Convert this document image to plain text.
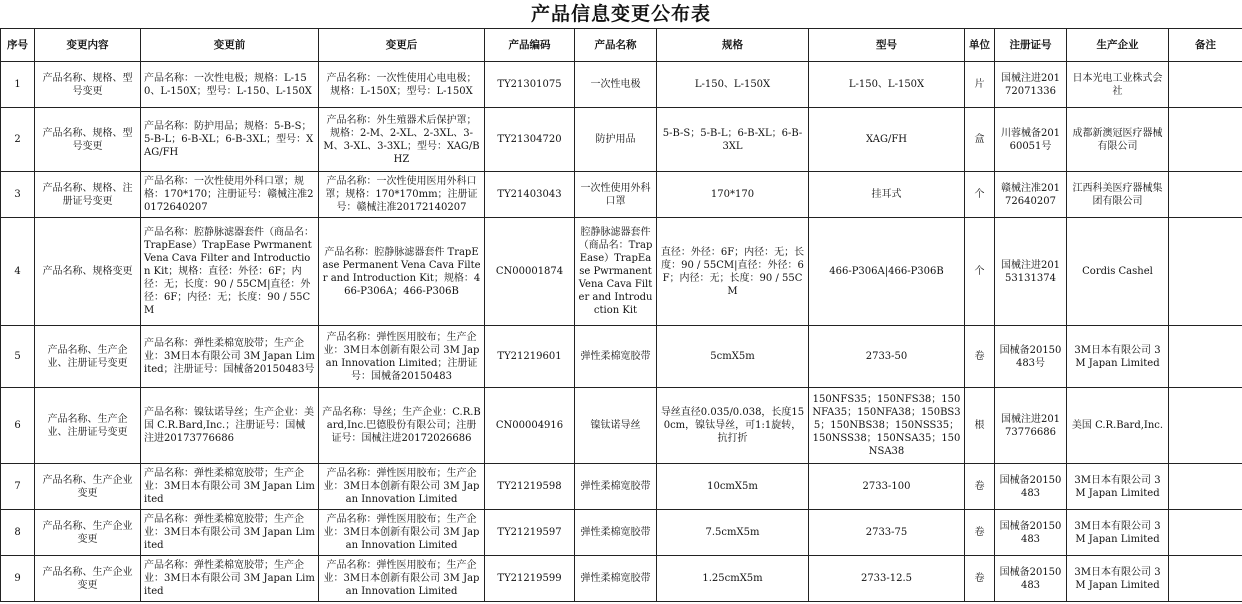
产品信息变更公布表
序号	变更内容	变更前	变更后	产品编码	产品名称	规格	型号	单位	注册证号	生产企业	备注
1	产品名称、规格、型号变更	产品名称：一次性电极；规格：L-150、L-150X；型号：L-150、L-150X	产品名称：一次性使用心电电极；规格：L-150X；型号：L-150X	TY21301075	一次性电极	L-150、L-150X	L-150、L-150X	片	国械注进20172071336	日本光电工业株式会社	
2	产品名称、规格、型号变更	产品名称：防护用品；规格：5-B-S；5-B-L；6-B-XL；6-B-3XL；型号：XAG/FH	产品名称：外生殖器术后保护罩；规格：2-M、2-XL、2-3XL、3-M、3-XL、3-3XL；型号：XAG/BHZ	TY21304720	防护用品	5-B-S；5-B-L；6-B-XL；6-B-3XL	XAG/FH	盒	川蓉械备20160051号	成都新澳冠医疗器械有限公司	
3	产品名称、规格、注册证号变更	产品名称：一次性使用外科口罩；规格：170*170；注册证号：赣械注准20172640207	产品名称：一次性使用医用外科口罩；规格：170*170mm；注册证号：赣械注准20172140207	TY21403043	一次性使用外科口罩	170*170	挂耳式	个	赣械注准20172640207	江西科美医疗器械集团有限公司	
4	产品名称、规格变更	产品名称：腔静脉滤器套件（商品名：TrapEase）TrapEase Pwrmanent Vena Cava Filter and Introduction Kit；规格：直径：外径：6F；内径：无；长度：90 / 55CM|直径：外径：6F；内径：无；长度：90 / 55CM	产品名称：腔静脉滤器套件 TrapEase Permanent Vena Cava Filter and Introduction Kit；规格：466-P306A；466-P306B	CN00001874	腔静脉滤器套件（商品名：TrapEase）TrapEase Pwrmanent Vena Cava Filter and Introduction Kit	直径：外径：6F；内径：无；长度：90 / 55CM|直径：外径：6F；内径：无；长度：90 / 55CM	466-P306A|466-P306B	个	国械注进20153131374	Cordis Cashel	
5	产品名称、生产企业、注册证号变更	产品名称：弹性柔棉宽胶带；生产企业：3M日本有限公司 3M Japan Limited；注册证号：国械备20150483号	产品名称：弹性医用胶布；生产企业：3M日本创新有限公司 3M Japan Innovation Limited；注册证号：国械备20150483	TY21219601	弹性柔棉宽胶带	5cmX5m	2733-50	卷	国械备20150483号	3M日本有限公司 3M Japan Limited	
6	产品名称、生产企业、注册证号变更	产品名称：镍钛诺导丝；生产企业：美国 C.R.Bard,Inc.；注册证号：国械注进20173776686	产品名称：导丝；生产企业：C.R.Bard,Inc.巴德股份有限公司；注册证号：国械注进20172026686	CN00004916	镍钛诺导丝	导丝直径0.035/0.038，长度150cm，镍钛导丝，可1:1旋转，抗打折	150NFS35；150NFS38；150NFA35；150NFA38；150BS35；150NBS38；150NSS35；150NSS38；150NSA35；150NSA38	根	国械注进20173776686	美国 C.R.Bard,Inc.	
7	产品名称、生产企业变更	产品名称：弹性柔棉宽胶带；生产企业：3M日本有限公司 3M Japan Limited	产品名称：弹性医用胶布；生产企业：3M日本创新有限公司 3M Japan Innovation Limited	TY21219598	弹性柔棉宽胶带	10cmX5m	2733-100	卷	国械备20150483	3M日本有限公司 3M Japan Limited	
8	产品名称、生产企业变更	产品名称：弹性柔棉宽胶带；生产企业：3M日本有限公司 3M Japan Limited	产品名称：弹性医用胶布；生产企业：3M日本创新有限公司 3M Japan Innovation Limited	TY21219597	弹性柔棉宽胶带	7.5cmX5m	2733-75	卷	国械备20150483	3M日本有限公司 3M Japan Limited	
9	产品名称、生产企业变更	产品名称：弹性柔棉宽胶带；生产企业：3M日本有限公司 3M Japan Limited	产品名称：弹性医用胶布；生产企业：3M日本创新有限公司 3M Japan Innovation Limited	TY21219599	弹性柔棉宽胶带	1.25cmX5m	2733-12.5	卷	国械备20150483	3M日本有限公司 3M Japan Limited	
